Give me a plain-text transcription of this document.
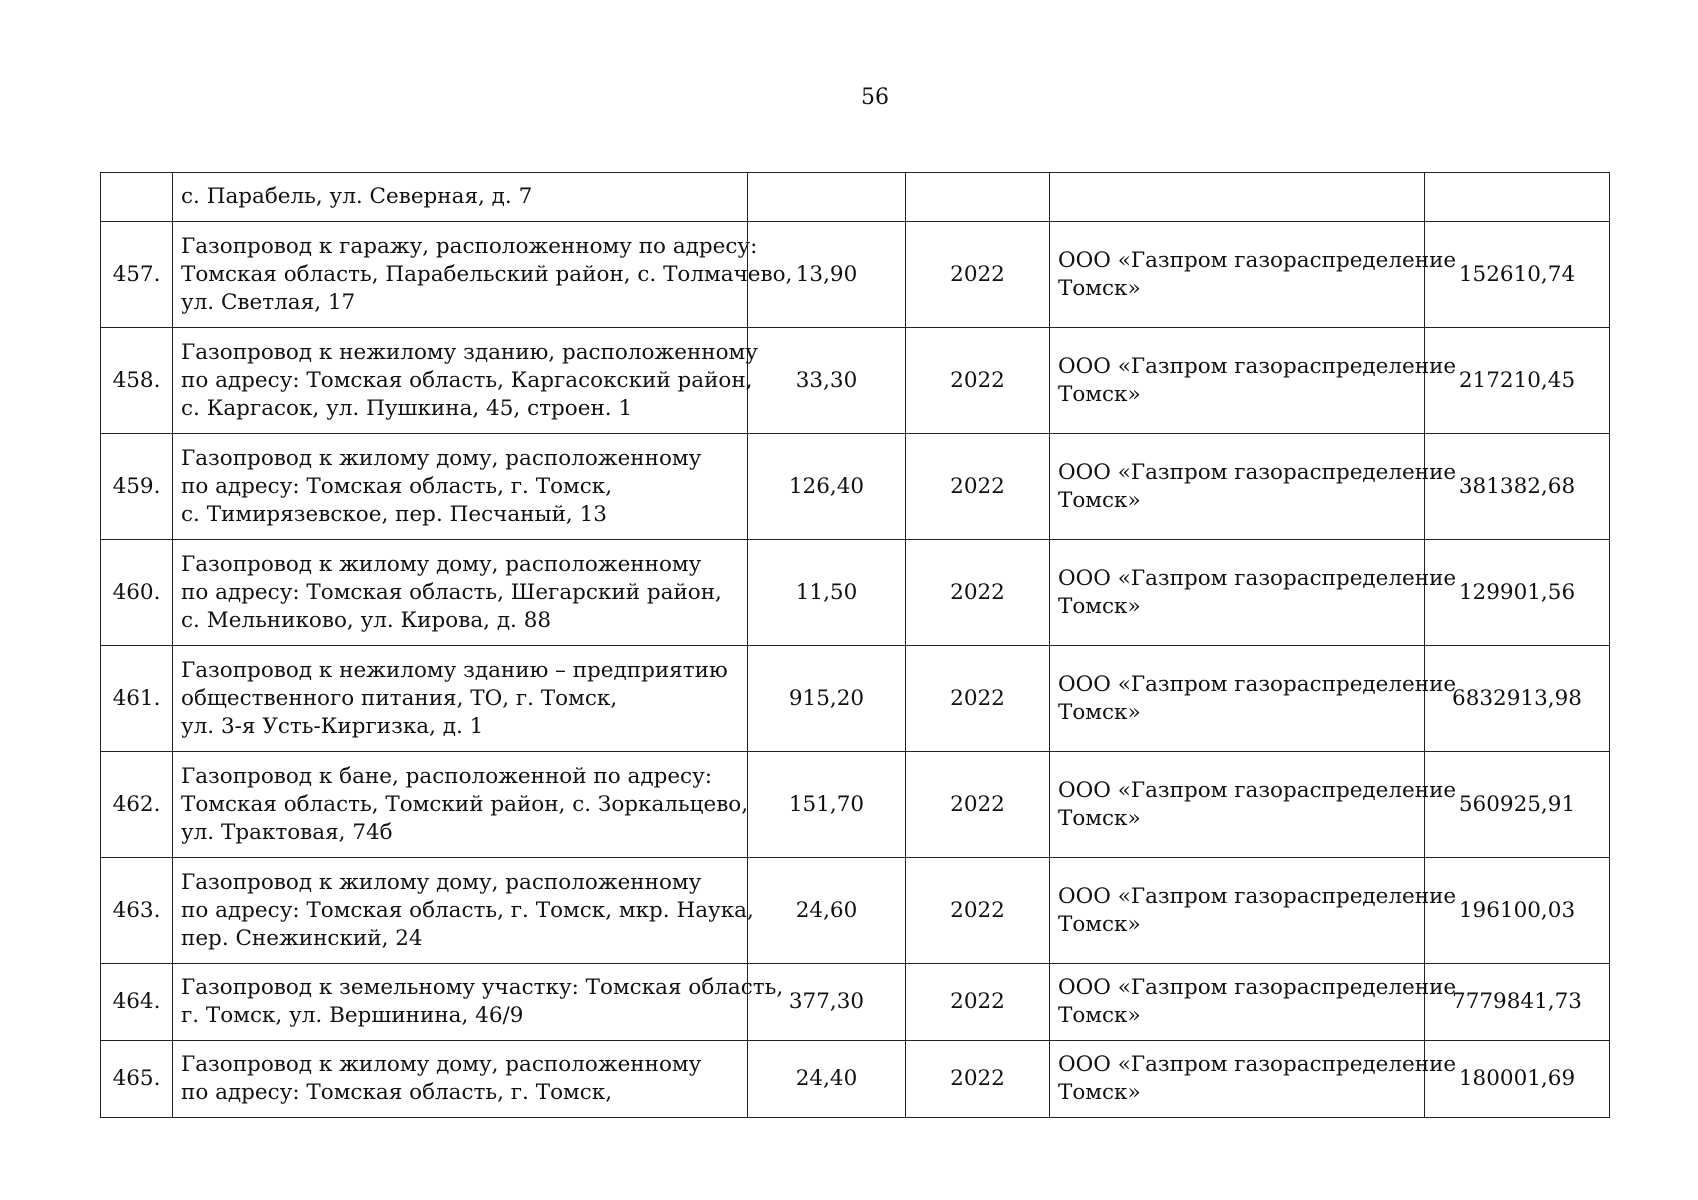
56

	с. Парабель, ул. Северная, д. 7				

457.	Газопровод к гаражу, расположенному по адресу:
Томская область, Парабельский район, с. Толмачево,
ул. Светлая, 17	13,90	2022	ООО «Газпром газораспределение
Томск»	152610,74
458.	Газопровод к нежилому зданию, расположенному
по адресу: Томская область, Каргасокский район,
с. Каргасок, ул. Пушкина, 45, строен. 1	33,30	2022	ООО «Газпром газораспределение
Томск»	217210,45
459.	Газопровод к жилому дому, расположенному
по адресу: Томская область, г. Томск,
с. Тимирязевское, пер. Песчаный, 13	126,40	2022	ООО «Газпром газораспределение
Томск»	381382,68
460.	Газопровод к жилому дому, расположенному
по адресу: Томская область, Шегарский район,
с. Мельниково, ул. Кирова, д. 88	11,50	2022	ООО «Газпром газораспределение
Томск»	129901,56
461.	Газопровод к нежилому зданию – предприятию
общественного питания, ТО, г. Томск,
ул. 3-я Усть-Киргизка, д. 1	915,20	2022	ООО «Газпром газораспределение
Томск»	6832913,98
462.	Газопровод к бане, расположенной по адресу:
Томская область, Томский район, с. Зоркальцево,
ул. Трактовая, 74б	151,70	2022	ООО «Газпром газораспределение
Томск»	560925,91
463.	Газопровод к жилому дому, расположенному
по адресу: Томская область, г. Томск, мкр. Наука,
пер. Снежинский, 24	24,60	2022	ООО «Газпром газораспределение
Томск»	196100,03
464.	Газопровод к земельному участку: Томская область,
г. Томск, ул. Вершинина, 46/9	377,30	2022	ООО «Газпром газораспределение
Томск»	7779841,73
465.	Газопровод к жилому дому, расположенному
по адресу: Томская область, г. Томск,	24,40	2022	ООО «Газпром газораспределение
Томск»	180001,69
